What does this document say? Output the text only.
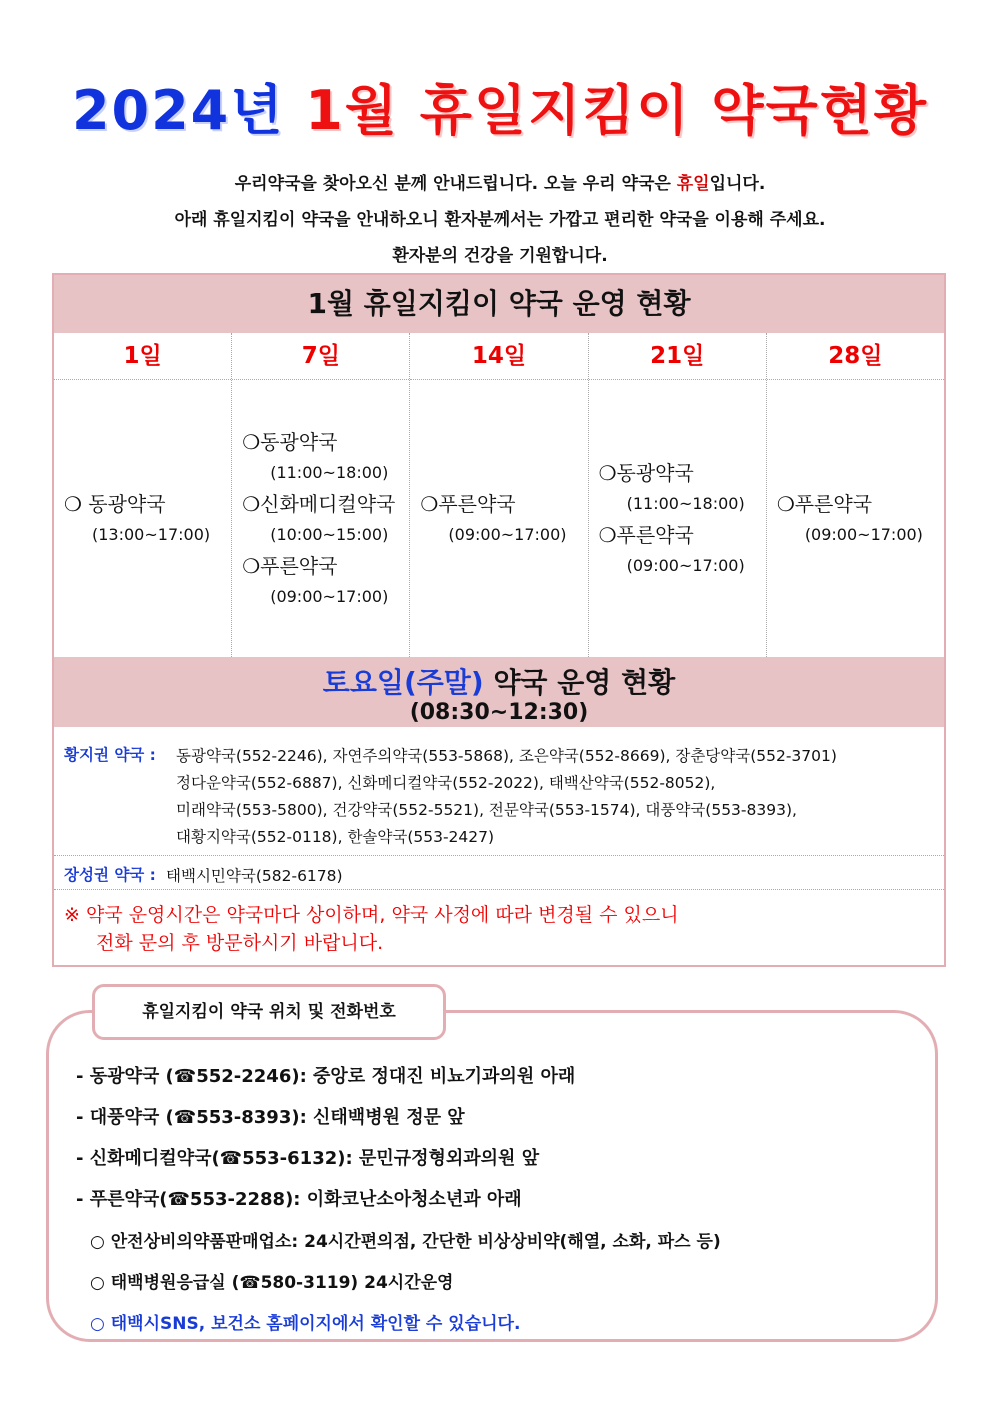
2024년 1월 휴일지킴이 약국현황
우리약국을 찾아오신 분께 안내드립니다. 오늘 우리 약국은 휴일입니다.
아래 휴일지킴이 약국을 안내하오니 환자분께서는 가깝고 편리한 약국을 이용해 주세요.
환자분의 건강을 기원합니다.
1월 휴일지킴이 약국 운영 현황
1일
❍ 동광약국
(13:00~17:00)
7일
❍동광약국
(11:00~18:00)
❍신화메디컬약국
(10:00~15:00)
❍푸른약국
(09:00~17:00)
14일
❍푸른약국
(09:00~17:00)
21일
❍동광약국
(11:00~18:00)
❍푸른약국
(09:00~17:00)
28일
❍푸른약국
(09:00~17:00)
토요일(주말) 약국 운영 현황
(08:30~12:30)
황지권 약국 : 동광약국(552-2246), 자연주의약국(553-5868), 조은약국(552-8669), 장춘당약국(552-3701)
정다운약국(552-6887), 신화메디컬약국(552-2022), 태백산약국(552-8052),
미래약국(553-5800), 건강약국(552-5521), 전문약국(553-1574), 대풍약국(553-8393),
대황지약국(552-0118), 한솔약국(553-2427)
장성권 약국 : 태백시민약국(582-6178)
※ 약국 운영시간은 약국마다 상이하며, 약국 사정에 따라 변경될 수 있으니
전화 문의 후 방문하시기 바랍니다.
휴일지킴이 약국 위치 및 전화번호
- 동광약국 (☎552-2246): 중앙로 정대진 비뇨기과의원 아래
- 대풍약국 (☎553-8393): 신태백병원 정문 앞
- 신화메디컬약국(☎553-6132): 문민규정형외과의원 앞
- 푸른약국(☎553-2288): 이화코난소아청소년과 아래
○ 안전상비의약품판매업소: 24시간편의점, 간단한 비상상비약(해열, 소화, 파스 등)
○ 태백병원응급실 (☎580-3119) 24시간운영
○ 태백시SNS, 보건소 홈페이지에서 확인할 수 있습니다.
